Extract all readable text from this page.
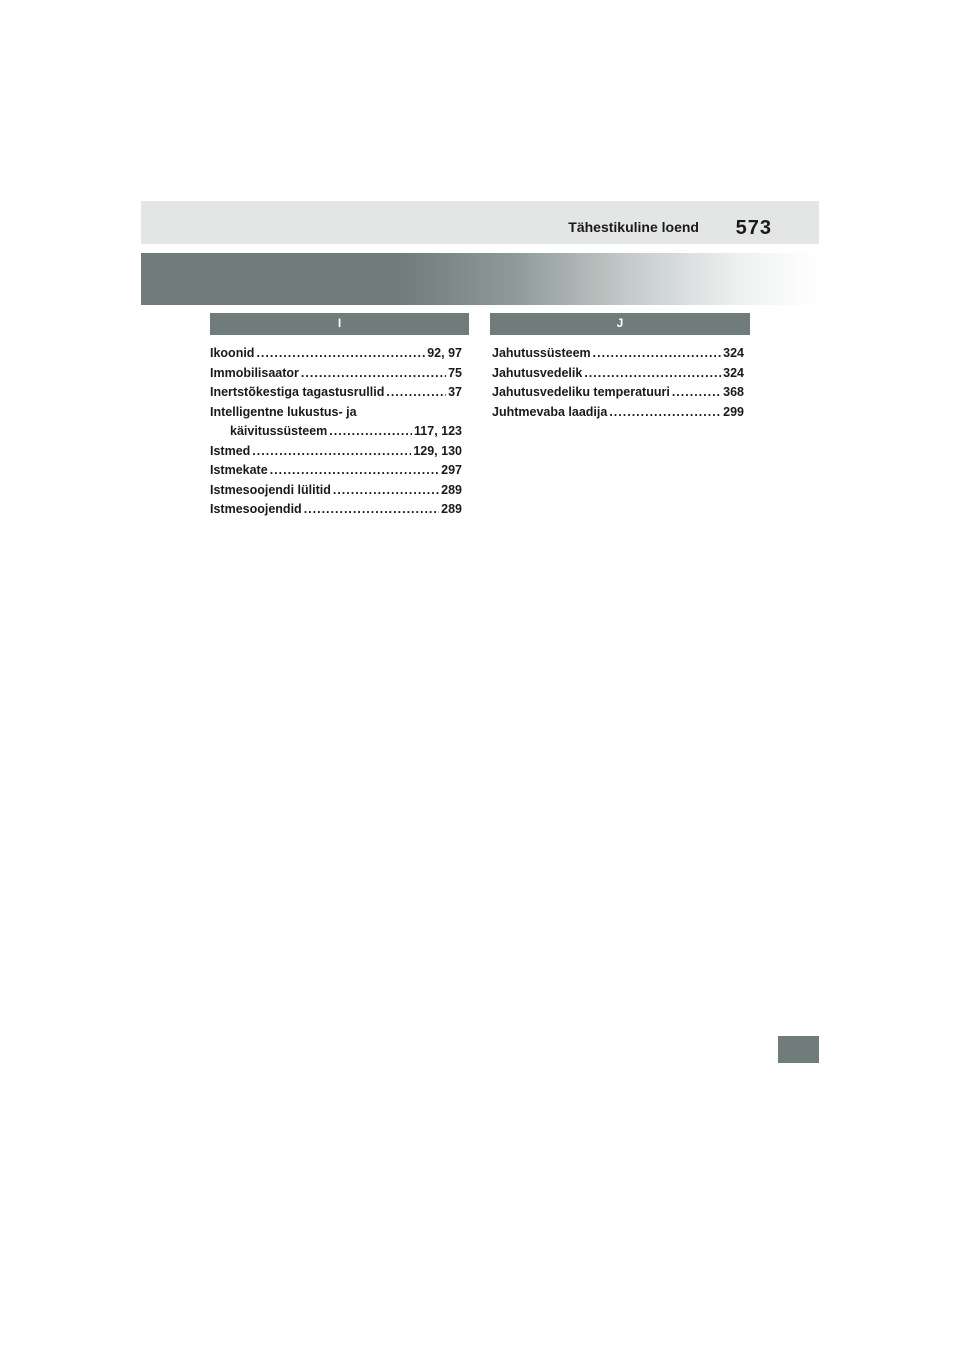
Tähestikuline loend 573
I	J
Ikoonid .....	92, 97
Immobilisaator .....	75
Inertstõkestiga tagastusrullid .....	37
Intelligentne lukustus- ja
käivitussüsteem .....	117, 123
Istmed .....	129, 130
Istmekate .....	297
Istmesoojendi lülitid .....	289
Istmesoojendid .....	289
Jahutussüsteem .....	324
Jahutusvedelik .....	324
Jahutusvedeliku temperatuuri .....	368
Juhtmevaba laadija .....	299
